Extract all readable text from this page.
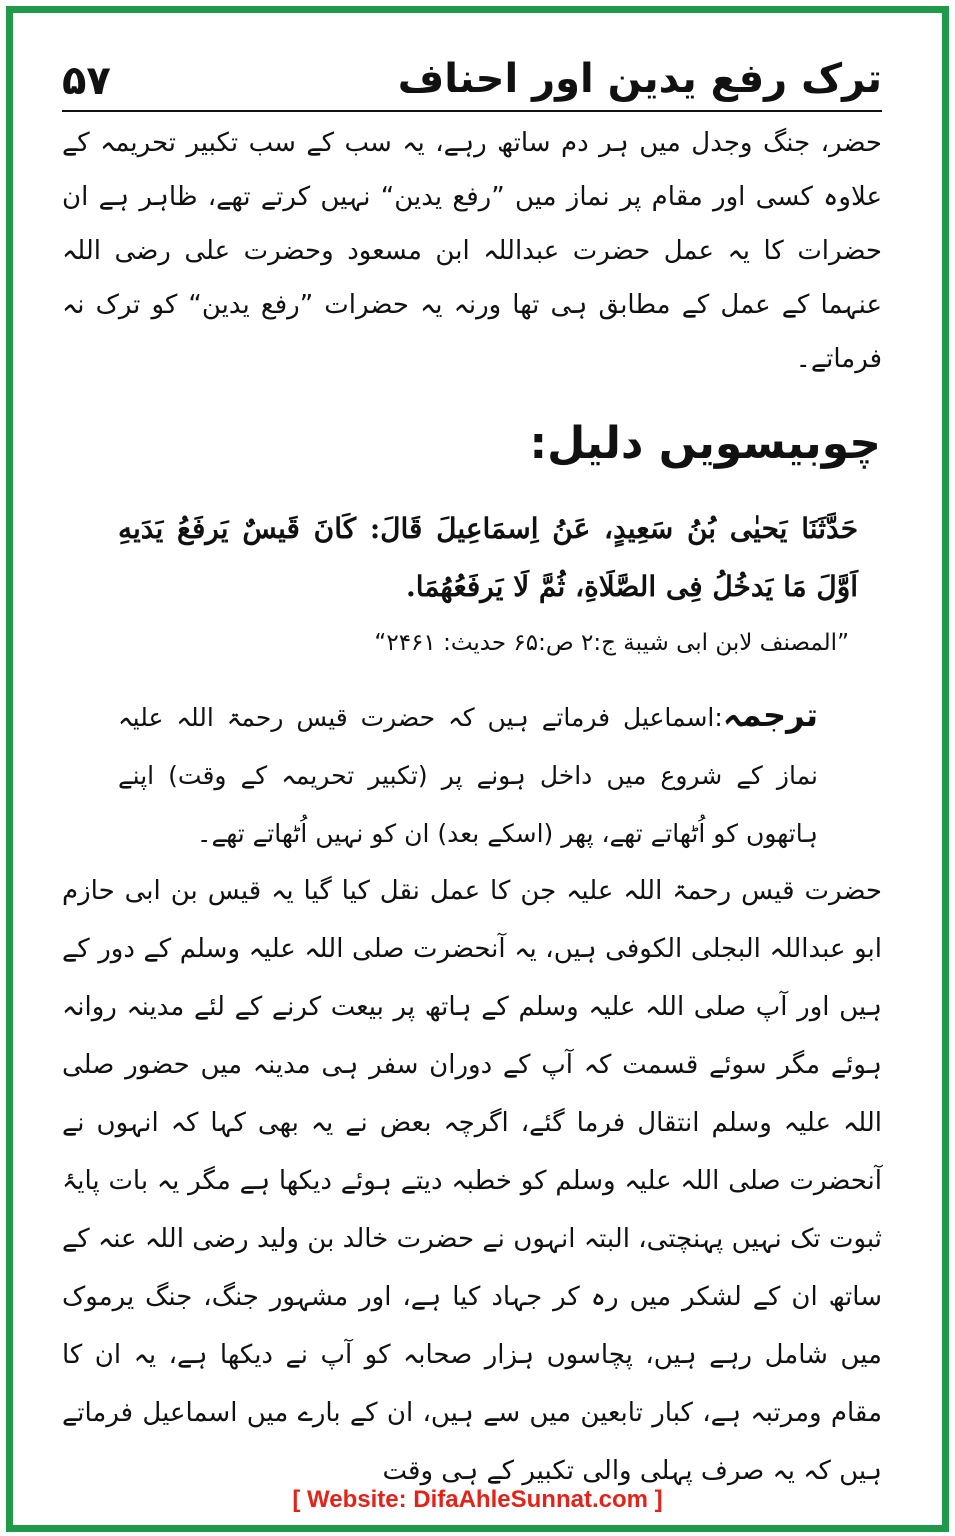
۵۷	ترک رفع یدین اور احناف
حضر، جنگ وجدل میں ہر دم ساتھ رہے، یہ سب کے سب تکبیر تحریمہ کے علاوہ کسی اور مقام پر نماز میں ”رفع یدین“ نہیں کرتے تھے، ظاہر ہے ان حضرات کا یہ عمل حضرت عبداللہ ابن مسعود وحضرت علی رضی اللہ عنہما کے عمل کے مطابق ہی تھا ورنہ یہ حضرات ”رفع یدین“ کو ترک نہ فرماتے۔
چوبیسویں دلیل:
حَدَّثَنَا یَحیٰی بُنُ سَعِیدٍ، عَنُ اِسمَاعِیلَ قَالَ: کَانَ قَیسٌ یَرفَعُ یَدَیهِ اَوَّلَ مَا یَدخُلُ فِی الصَّلَاةِ، ثُمَّ لَا یَرفَعُهُمَا.
”المصنف لابن ابی شیبة ج:۲ ص:۶۵ حدیث: ۲۴۶۱“
ترجمہ:اسماعیل فرماتے ہیں کہ حضرت قیس رحمۃ اللہ علیہ نماز کے شروع میں داخل ہونے پر (تکبیر تحریمہ کے وقت) اپنے ہاتھوں کو اُٹھاتے تھے، پھر (اسکے بعد) ان کو نہیں اُٹھاتے تھے۔
حضرت قیس رحمۃ اللہ علیہ جن کا عمل نقل کیا گیا یہ قیس بن ابی حازم ابو عبداللہ البجلی الکوفی ہیں، یہ آنحضرت صلی اللہ علیہ وسلم کے دور کے ہیں اور آپ صلی اللہ علیہ وسلم کے ہاتھ پر بیعت کرنے کے لئے مدینہ روانہ ہوئے مگر سوئے قسمت کہ آپ کے دوران سفر ہی مدینہ میں حضور صلی اللہ علیہ وسلم انتقال فرما گئے، اگرچہ بعض نے یہ بھی کہا کہ انہوں نے آنحضرت صلی اللہ علیہ وسلم کو خطبہ دیتے ہوئے دیکھا ہے مگر یہ بات پایۂ ثبوت تک نہیں پہنچتی، البتہ انہوں نے حضرت خالد بن ولید رضی اللہ عنہ کے ساتھ ان کے لشکر میں رہ کر جہاد کیا ہے، اور مشہور جنگ، جنگ یرموک میں شامل رہے ہیں، پچاسوں ہزار صحابہ کو آپ نے دیکھا ہے، یہ ان کا مقام ومرتبہ ہے، کبار تابعین میں سے ہیں، ان کے بارے میں اسماعیل فرماتے ہیں کہ یہ صرف پہلی والی تکبیر کے ہی وقت
[ Website: DifaAhleSunnat.com ]
